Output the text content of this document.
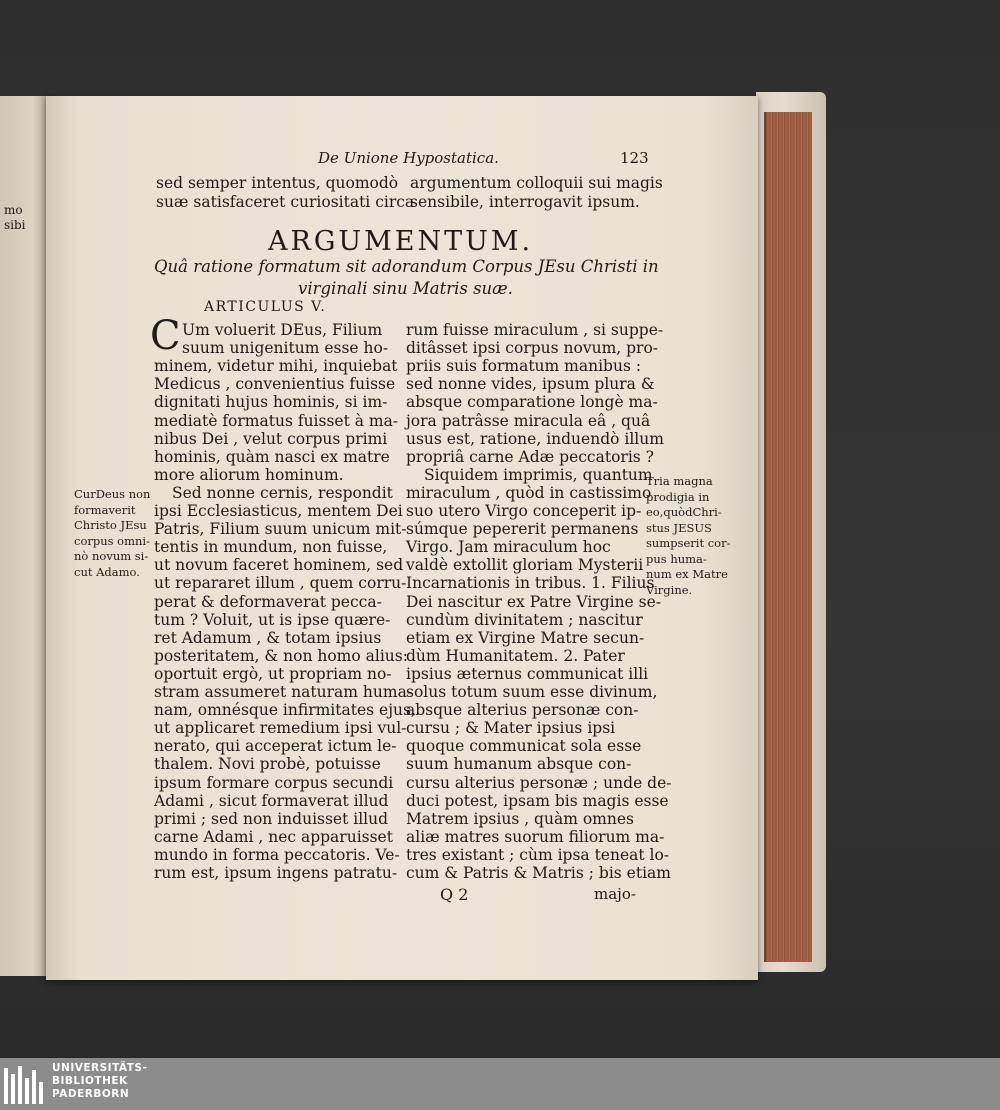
mo
sibi
De Unione Hypostatica.	123
sed semper intentus, quomodò
suæ satisfaceret curiositati circa
argumentum colloquii sui magis
sensibile, interrogavit ipsum.
ARGUMENTUM.
Quâ ratione formatum sit adorandum Corpus JEsu Christi in
virginali sinu Matris suæ.
ARTICULUS V.
C Um voluerit DEus, Filium
suum unigenitum esse ho-
minem, videtur mihi, inquiebat
Medicus , convenientius fuisse
dignitati hujus hominis, si im-
mediatè formatus fuisset à ma-
nibus Dei , velut corpus primi
hominis, quàm nasci ex matre
more aliorum hominum.
Sed nonne cernis, respondit
ipsi Ecclesiasticus, mentem Dei
Patris, Filium suum unicum mit-
tentis in mundum, non fuisse,
ut novum faceret hominem, sed
ut repararet illum , quem corru-
perat & deformaverat pecca-
tum ? Voluit, ut is ipse quære-
ret Adamum , & totam ipsius
posteritatem, & non homo alius:
oportuit ergò, ut propriam no-
stram assumeret naturam huma-
nam, omnésque infirmitates ejus,
ut applicaret remedium ipsi vul-
nerato, qui acceperat ictum le-
thalem. Novi probè, potuisse
ipsum formare corpus secundi
Adami , sicut formaverat illud
primi ; sed non induisset illud
carne Adami , nec apparuisset
mundo in forma peccatoris. Ve-
rum est, ipsum ingens patratu-
rum fuisse miraculum , si suppe-
ditâsset ipsi corpus novum, pro-
priis suis formatum manibus :
sed nonne vides, ipsum plura &
absque comparatione longè ma-
jora patrâsse miracula eâ , quâ
usus est, ratione, induendò illum
propriâ carne Adæ peccatoris ?
Siquidem imprimis, quantum
miraculum , quòd in castissimo
suo utero Virgo conceperit ip-
súmque pepererit permanens
Virgo. Jam miraculum hoc
valdè extollit gloriam Mysterii
Incarnationis in tribus. 1. Filius
Dei nascitur ex Patre Virgine se-
cundùm divinitatem ; nascitur
etiam ex Virgine Matre secun-
dùm Humanitatem. 2. Pater
ipsius æternus communicat illi
solus totum suum esse divinum,
absque alterius personæ con-
cursu ; & Mater ipsius ipsi
quoque communicat sola esse
suum humanum absque con-
cursu alterius personæ ; unde de-
duci potest, ipsam bis magis esse
Matrem ipsius , quàm omnes
aliæ matres suorum filiorum ma-
tres existant ; cùm ipsa teneat lo-
cum & Patris & Matris ; bis etiam
CurDeus non
formaverit
Christo JEsu
corpus omni-
nò novum si-
cut Adamo.
Tria magna
prodigia in
eo,quòdChri-
stus JESUS
sumpserit cor-
pus huma-
num ex Matre
Virgine.
Q 2	majo-
UNIVERSITÄTS-
BIBLIOTHEK
PADERBORN
